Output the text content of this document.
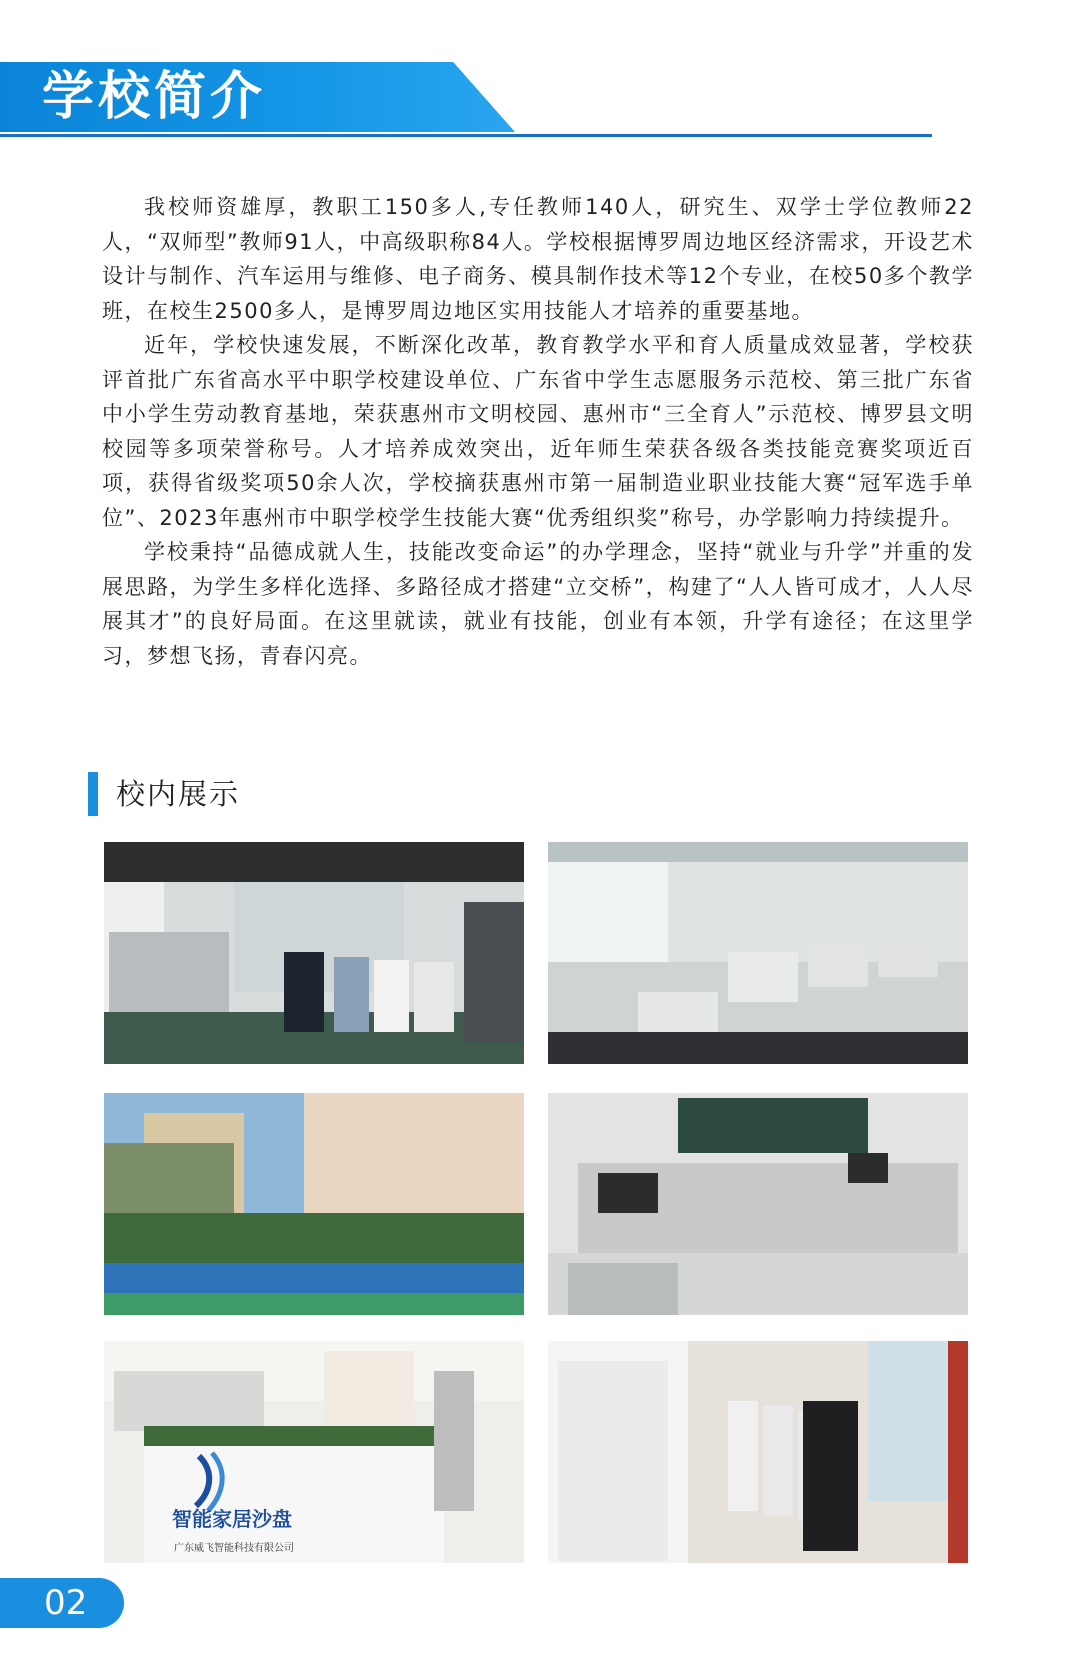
学校简介

我校师资雄厚，教职工150多人,专任教师140人，研究生、双学士学位教师22人，“双师型”教师91人，中高级职称84人。学校根据博罗周边地区经济需求，开设艺术设计与制作、汽车运用与维修、电子商务、模具制作技术等12个专业，在校50多个教学班，在校生2500多人，是博罗周边地区实用技能人才培养的重要基地。

近年，学校快速发展，不断深化改革，教育教学水平和育人质量成效显著，学校获评首批广东省高水平中职学校建设单位、广东省中学生志愿服务示范校、第三批广东省中小学生劳动教育基地，荣获惠州市文明校园、惠州市“三全育人”示范校、博罗县文明校园等多项荣誉称号。人才培养成效突出，近年师生荣获各级各类技能竞赛奖项近百项，获得省级奖项50余人次，学校摘获惠州市第一届制造业职业技能大赛“冠军选手单位”、2023年惠州市中职学校学生技能大赛“优秀组织奖”称号，办学影响力持续提升。

学校秉持“品德成就人生，技能改变命运”的办学理念，坚持“就业与升学”并重的发展思路，为学生多样化选择、多路径成才搭建“立交桥”，构建了“人人皆可成才，人人尽展其才”的良好局面。在这里就读，就业有技能，创业有本领，升学有途径；在这里学习，梦想飞扬，青春闪亮。

校内展示
智能家居沙盘
广东威飞智能科技有限公司
02
